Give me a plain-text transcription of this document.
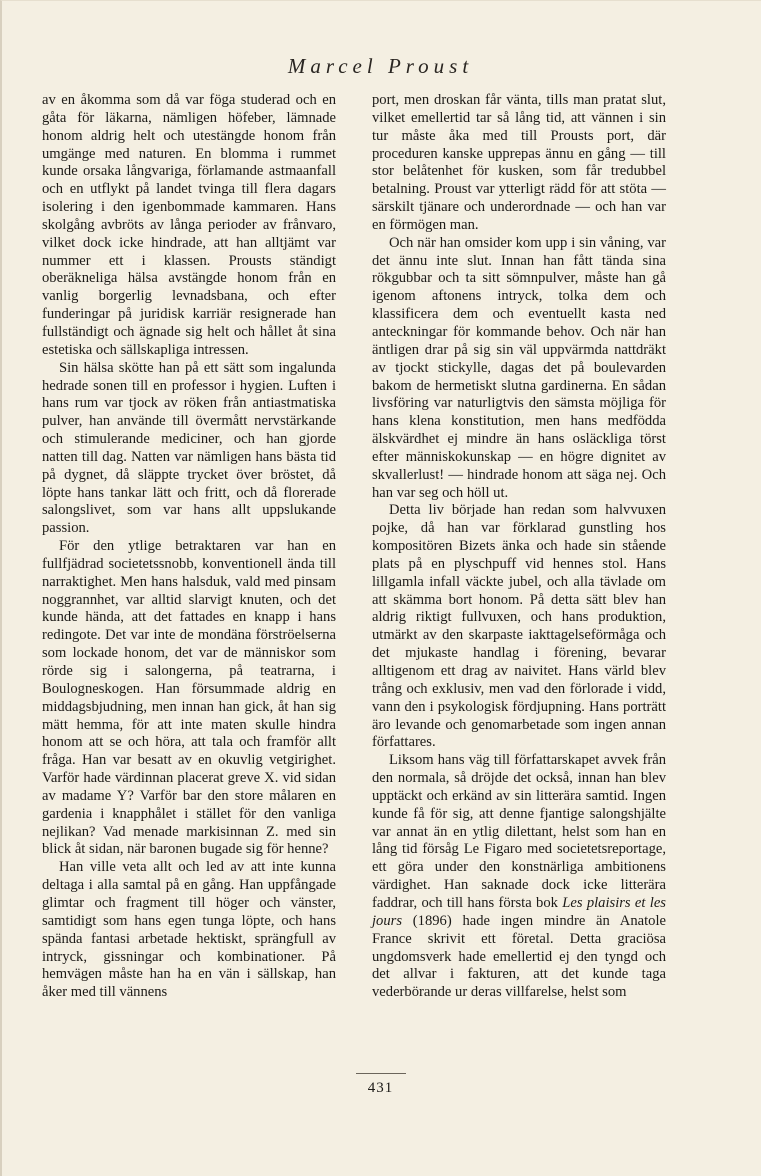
Marcel Proust

av en åkomma som då var föga studerad och en gåta för läkarna, nämligen höfeber, lämnade honom aldrig helt och utestängde honom från umgänge med naturen. En blomma i rummet kunde orsaka långvariga, förlamande astmaanfall och en utflykt på landet tvinga till flera dagars isolering i den igenbommade kammaren. Hans skolgång avbröts av långa perioder av frånvaro, vilket dock icke hindrade, att han alltjämt var nummer ett i klassen. Prousts ständigt oberäkneliga hälsa avstängde honom från en vanlig borgerlig levnadsbana, och efter funderingar på juridisk karriär resignerade han fullständigt och ägnade sig helt och hållet åt sina estetiska och sällskapliga intressen.

Sin hälsa skötte han på ett sätt som ingalunda hedrade sonen till en professor i hygien. Luften i hans rum var tjock av röken från antiastmatiska pulver, han använde till övermått nervstärkande och stimulerande mediciner, och han gjorde natten till dag. Natten var nämligen hans bästa tid på dygnet, då släppte trycket över bröstet, då löpte hans tankar lätt och fritt, och då florerade salongslivet, som var hans allt uppslukande passion.

För den ytlige betraktaren var han en fullfjädrad societetssnobb, konventionell ända till narraktighet. Men hans halsduk, vald med pinsam noggrannhet, var alltid slarvigt knuten, och det kunde hända, att det fattades en knapp i hans redingote. Det var inte de mondäna förströelserna som lockade honom, det var de människor som rörde sig i salongerna, på teatrarna, i Boulogneskogen. Han försummade aldrig en middagsbjudning, men innan han gick, åt han sig mätt hemma, för att inte maten skulle hindra honom att se och höra, att tala och framför allt fråga. Han var besatt av en okuvlig vetgirighet. Varför hade värdinnan placerat greve X. vid sidan av madame Y? Varför bar den store målaren en gardenia i knapphålet i stället för den vanliga nejlikan? Vad menade markisinnan Z. med sin blick åt sidan, när baronen bugade sig för henne?

Han ville veta allt och led av att inte kunna deltaga i alla samtal på en gång. Han uppfångade glimtar och fragment till höger och vänster, samtidigt som hans egen tunga löpte, och hans spända fantasi arbetade hektiskt, sprängfull av intryck, gissningar och kombinationer. På hemvägen måste han ha en vän i sällskap, han åker med till vännens

port, men droskan får vänta, tills man pratat slut, vilket emellertid tar så lång tid, att vännen i sin tur måste åka med till Prousts port, där proceduren kanske upprepas ännu en gång — till stor belåtenhet för kusken, som får tredubbel betalning. Proust var ytterligt rädd för att stöta — särskilt tjänare och underordnade — och han var en förmögen man.

Och när han omsider kom upp i sin våning, var det ännu inte slut. Innan han fått tända sina rökgubbar och ta sitt sömnpulver, måste han gå igenom aftonens intryck, tolka dem och klassificera dem och eventuellt kasta ned anteckningar för kommande behov. Och när han äntligen drar på sig sin väl uppvärmda nattdräkt av tjockt stickylle, dagas det på boulevarden bakom de hermetiskt slutna gardinerna. En sådan livsföring var naturligtvis den sämsta möjliga för hans klena konstitution, men hans medfödda älskvärdhet ej mindre än hans osläckliga törst efter människokunskap — en högre dignitet av skvallerlust! — hindrade honom att säga nej. Och han var seg och höll ut.

Detta liv började han redan som halvvuxen pojke, då han var förklarad gunstling hos kompositören Bizets änka och hade sin stående plats på en plyschpuff vid hennes stol. Hans lillgamla infall väckte jubel, och alla tävlade om att skämma bort honom. På detta sätt blev han aldrig riktigt fullvuxen, och hans produktion, utmärkt av den skarpaste iakttagelseförmåga och det mjukaste handlag i förening, bevarar alltigenom ett drag av naivitet. Hans värld blev trång och exklusiv, men vad den förlorade i vidd, vann den i psykologisk fördjupning. Hans porträtt äro levande och genomarbetade som ingen annan författares.

Liksom hans väg till författarskapet avvek från den normala, så dröjde det också, innan han blev upptäckt och erkänd av sin litterära samtid. Ingen kunde få för sig, att denne fjantige salongshjälte var annat än en ytlig dilettant, helst som han en lång tid försåg Le Figaro med societetsreportage, ett göra under den konstnärliga ambitionens värdighet. Han saknade dock icke litterära faddrar, och till hans första bok Les plaisirs et les jours (1896) hade ingen mindre än Anatole France skrivit ett företal. Detta graciösa ungdomsverk hade emellertid ej den tyngd och det allvar i fakturen, att det kunde taga vederbörande ur deras villfarelse, helst som

431
